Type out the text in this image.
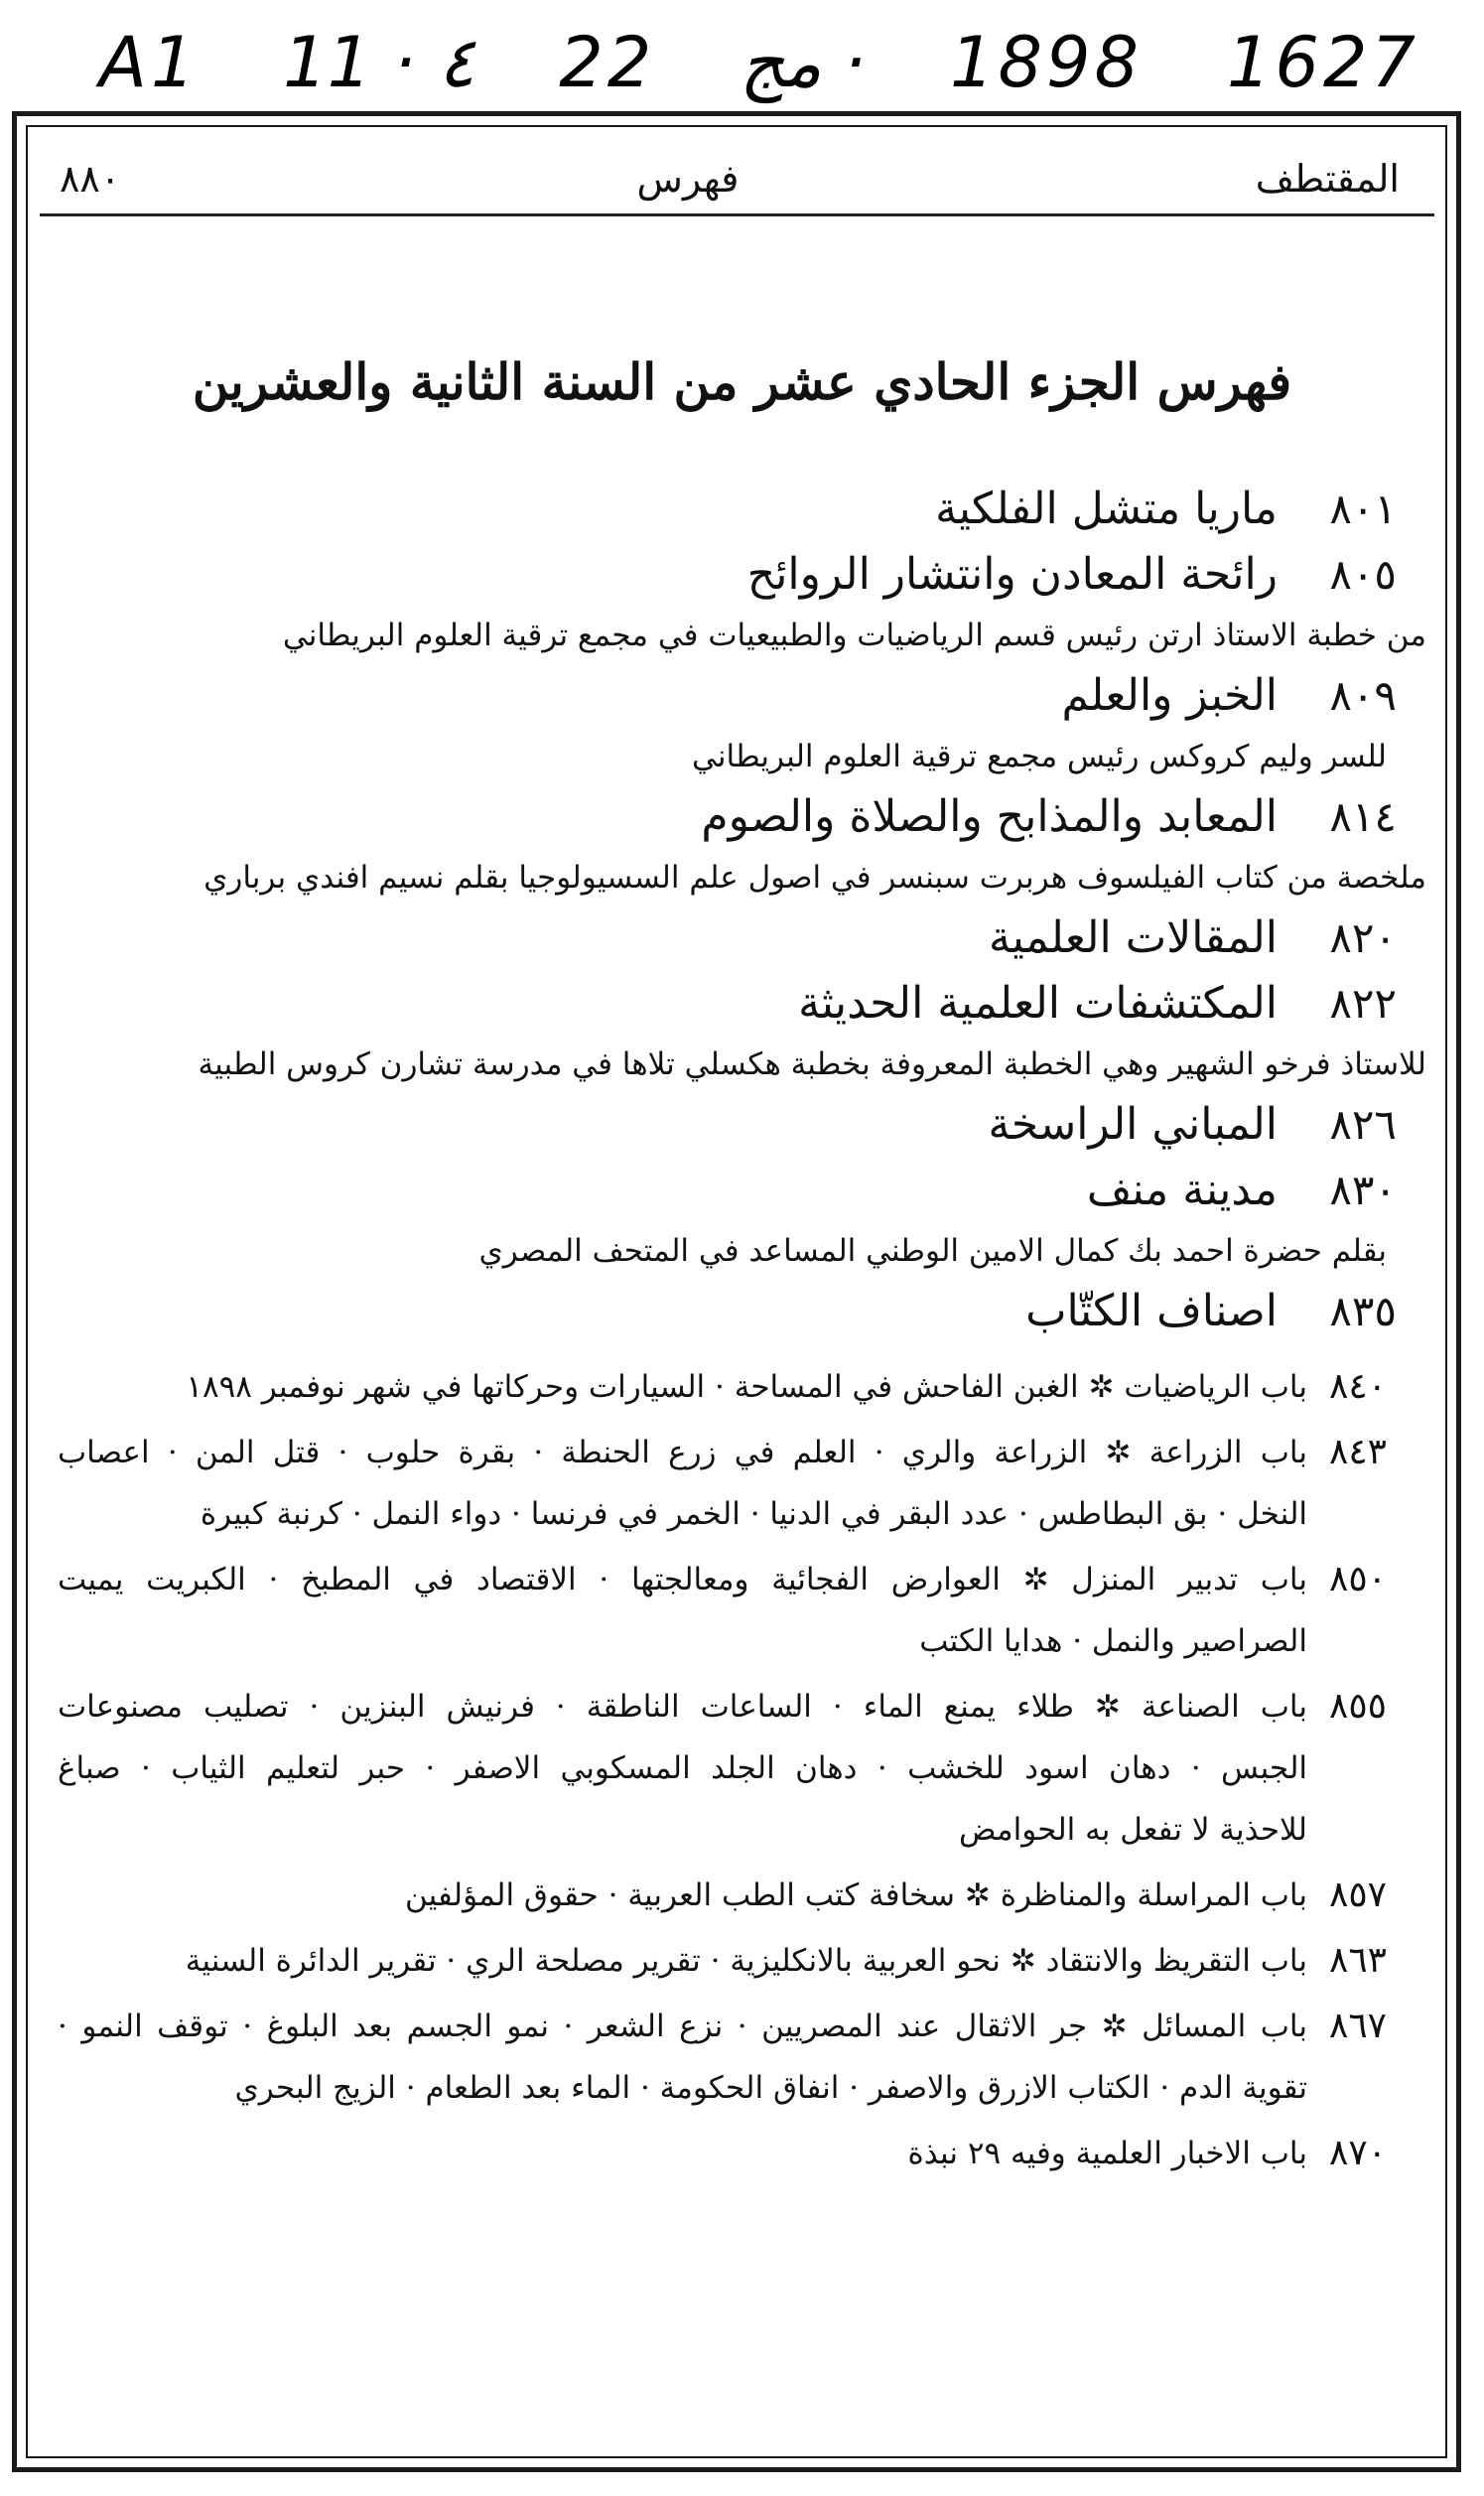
A1 11 · ٤ 22 مج · 1898 1627
المقتطف
فهرس
٨٨٠
فهرس الجزء الحادي عشر من السنة الثانية والعشرين
٨٠١
ماريا متشل الفلكية
٨٠٥
رائحة المعادن وانتشار الروائح
من خطبة الاستاذ ارتن رئيس قسم الرياضيات والطبيعيات في مجمع ترقية العلوم البريطاني
٨٠٩
الخبز والعلم
للسر وليم كروكس رئيس مجمع ترقية العلوم البريطاني
٨١٤
المعابد والمذابح والصلاة والصوم
ملخصة من كتاب الفيلسوف هربرت سبنسر في اصول علم السسيولوجيا بقلم نسيم افندي برباري
٨٢٠
المقالات العلمية
٨٢٢
المكتشفات العلمية الحديثة
للاستاذ فرخو الشهير وهي الخطبة المعروفة بخطبة هكسلي تلاها في مدرسة تشارن كروس الطبية
٨٢٦
المباني الراسخة
٨٣٠
مدينة منف
بقلم حضرة احمد بك كمال الامين الوطني المساعد في المتحف المصري
٨٣٥
اصناف الكتّاب
٨٤٠
باب الرياضيات ✲ الغبن الفاحش في المساحة · السيارات وحركاتها في شهر نوفمبر ١٨٩٨
٨٤٣
باب الزراعة ✲ الزراعة والري · العلم في زرع الحنطة · بقرة حلوب · قتل المن · اعصاب
النخل · بق البطاطس · عدد البقر في الدنيا · الخمر في فرنسا · دواء النمل · كرنبة كبيرة
٨٥٠
باب تدبير المنزل ✲ العوارض الفجائية ومعالجتها · الاقتصاد في المطبخ · الكبريت يميت
الصراصير والنمل · هدايا الكتب
٨٥٥
باب الصناعة ✲ طلاء يمنع الماء · الساعات الناطقة · فرنيش البنزين · تصليب مصنوعات
الجبس · دهان اسود للخشب · دهان الجلد المسكوبي الاصفر · حبر لتعليم الثياب · صباغ
للاحذية لا تفعل به الحوامض
٨٥٧
باب المراسلة والمناظرة ✲ سخافة كتب الطب العربية · حقوق المؤلفين
٨٦٣
باب التقريظ والانتقاد ✲ نحو العربية بالانكليزية · تقرير مصلحة الري · تقرير الدائرة السنية
٨٦٧
باب المسائل ✲ جر الاثقال عند المصريين · نزع الشعر · نمو الجسم بعد البلوغ · توقف النمو ·
تقوية الدم · الكتاب الازرق والاصفر · انفاق الحكومة · الماء بعد الطعام · الزيج البحري
٨٧٠
باب الاخبار العلمية وفيه ٢٩ نبذة
